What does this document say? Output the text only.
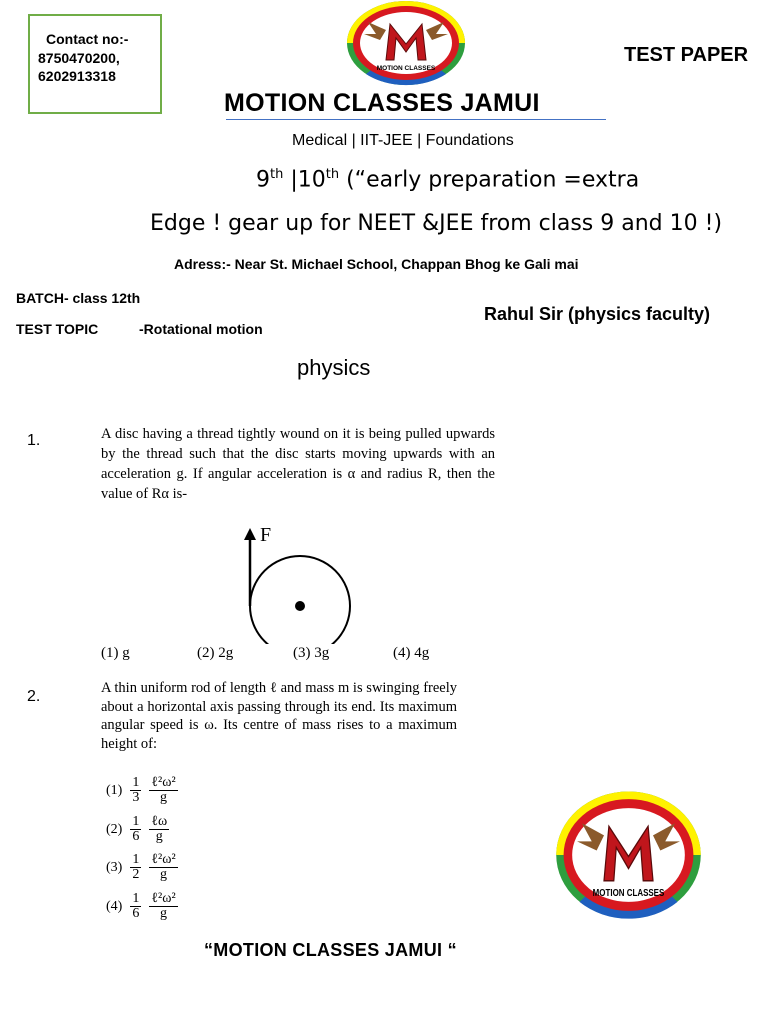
Contact no:-
8750470200,
6202913318	MOTION CLASSES
TEST PAPER
MOTION CLASSES JAMUI
Medical | IIT-JEE | Foundations
9th |10th (“early preparation =extra
Edge ! gear up for NEET &JEE from class 9 and 10 !)
Adress:- Near St. Michael School, Chappan Bhog ke Gali mai
BATCH- class 12th
TEST TOPIC	-Rotational motion
Rahul Sir (physics faculty)
physics
1.	A disc having a thread tightly wound on it is being pulled upwards by the thread such that the disc starts moving upwards with an acceleration g. If angular acceleration is α and radius R, then the value of Rα is-
F
(1) g	(2) 2g	(3) 3g	(4) 4g
2.	A thin uniform rod of length ℓ and mass m is swinging freely about a horizontal axis passing through its end. Its maximum angular speed is ω. Its centre of mass rises to a maximum height of:
$(1) \frac{1}{3} \frac{\text{ℓ²ω²}}{g}$
$(2) \frac{1}{6} \frac{\text{ℓω}}{g}$
$(3) \frac{1}{2} \frac{\text{ℓ²ω²}}{g}$
$(4) \frac{1}{6} \frac{\text{ℓ²ω²}}{g}$	MOTION CLASSES
“MOTION CLASSES JAMUI “
